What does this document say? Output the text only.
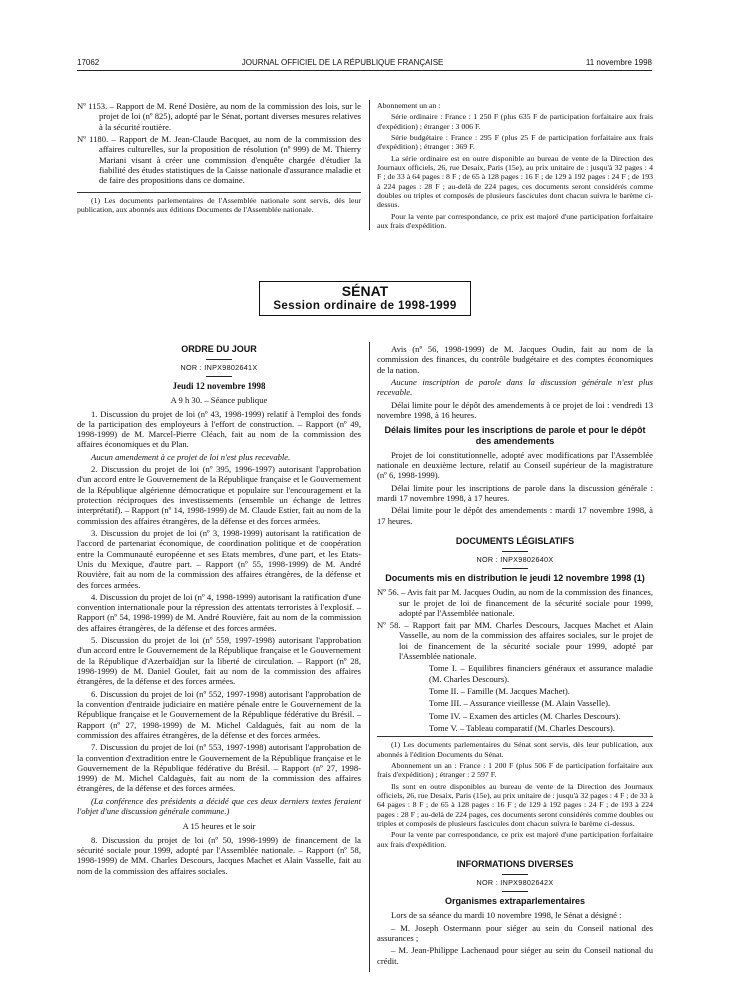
17062	JOURNAL OFFICIEL DE LA RÉPUBLIQUE FRANÇAISE	11 novembre 1998

Nº 1153. – Rapport de M. René Dosière, au nom de la commission des lois, sur le projet de loi (nº 825), adopté par le Sénat, portant diverses mesures relatives à la sécurité routière.

Nº 1180. – Rapport de M. Jean-Claude Bacquet, au nom de la commission des affaires culturelles, sur la proposition de résolution (nº 999) de M. Thierry Mariani visant à créer une commission d'enquête chargée d'étudier la fiabilité des études statistiques de la Caisse nationale d'assurance maladie et de faire des propositions dans ce domaine.

(1) Les documents parlementaires de l'Assemblée nationale sont servis, dès leur publication, aux abonnés aux éditions Documents de l'Assemblée nationale.

Abonnement un an :

Série ordinaire : France : 1 250 F (plus 635 F de participation forfaitaire aux frais d'expédition) ; étranger : 3 006 F.

Série budgétaire : France : 295 F (plus 25 F de participation forfaitaire aux frais d'expédition) ; étranger : 369 F.

La série ordinaire est en outre disponible au bureau de vente de la Direction des Journaux officiels, 26, rue Desaix, Paris (15e), au prix unitaire de : jusqu'à 32 pages : 4 F ; de 33 à 64 pages : 8 F ; de 65 à 128 pages : 16 F ; de 129 à 192 pages : 24 F ; de 193 à 224 pages : 28 F ; au-delà de 224 pages, ces documents seront considérés comme doubles ou triples et composés de plusieurs fascicules dont chacun suivra le barème ci-dessus.

Pour la vente par correspondance, ce prix est majoré d'une participation forfaitaire aux frais d'expédition.

SÉNAT
Session ordinaire de 1998-1999
ORDRE DU JOUR
NOR : INPX9802641X
Jeudi 12 novembre 1998
A 9 h 30. – Séance publique

1. Discussion du projet de loi (nº 43, 1998-1999) relatif à l'emploi des fonds de la participation des employeurs à l'effort de construction. – Rapport (nº 49, 1998-1999) de M. Marcel-Pierre Cléach, fait au nom de la commission des affaires économiques et du Plan.

Aucun amendement à ce projet de loi n'est plus recevable.

2. Discussion du projet de loi (nº 395, 1996-1997) autorisant l'approbation d'un accord entre le Gouvernement de la République française et le Gouvernement de la République algérienne démocratique et populaire sur l'encouragement et la protection réciproques des investissements (ensemble un échange de lettres interprétatif). – Rapport (nº 14, 1998-1999) de M. Claude Estier, fait au nom de la commission des affaires étrangères, de la défense et des forces armées.

3. Discussion du projet de loi (nº 3, 1998-1999) autorisant la ratification de l'accord de partenariat économique, de coordination politique et de coopération entre la Communauté européenne et ses Etats membres, d'une part, et les Etats-Unis du Mexique, d'autre part. – Rapport (nº 55, 1998-1999) de M. André Rouvière, fait au nom de la commission des affaires étrangères, de la défense et des forces armées.

4. Discussion du projet de loi (nº 4, 1998-1999) autorisant la ratification d'une convention internationale pour la répression des attentats terroristes à l'explosif. – Rapport (nº 54, 1998-1999) de M. André Rouvière, fait au nom de la commission des affaires étrangères, de la défense et des forces armées.

5. Discussion du projet de loi (nº 559, 1997-1998) autorisant l'approbation d'un accord entre le Gouvernement de la République française et le Gouvernement de la République d'Azerbaïdjan sur la liberté de circulation. – Rapport (nº 28, 1998-1999) de M. Daniel Goulet, fait au nom de la commission des affaires étrangères, de la défense et des forces armées.

6. Discussion du projet de loi (nº 552, 1997-1998) autorisant l'approbation de la convention d'entraide judiciaire en matière pénale entre le Gouvernement de la République française et le Gouvernement de la République fédérative du Brésil. – Rapport (nº 27, 1998-1999) de M. Michel Caldaguès, fait au nom de la commission des affaires étrangères, de la défense et des forces armées.

7. Discussion du projet de loi (nº 553, 1997-1998) autorisant l'approbation de la convention d'extradition entre le Gouvernement de la République française et le Gouvernement de la République fédérative du Brésil. – Rapport (nº 27, 1998-1999) de M. Michel Caldaguès, fait au nom de la commission des affaires étrangères, de la défense et des forces armées.

(La conférence des présidents a décidé que ces deux derniers textes feraient l'objet d'une discussion générale commune.)

A 15 heures et le soir

8. Discussion du projet de loi (nº 50, 1998-1999) de financement de la sécurité sociale pour 1999, adopté par l'Assemblée nationale. – Rapport (nº 58, 1998-1999) de MM. Charles Descours, Jacques Machet et Alain Vasselle, fait au nom de la commission des affaires sociales.

Avis (nº 56, 1998-1999) de M. Jacques Oudin, fait au nom de la commission des finances, du contrôle budgétaire et des comptes économiques de la nation.

Aucune inscription de parole dans la discussion générale n'est plus recevable.

Délai limite pour le dépôt des amendements à ce projet de loi : vendredi 13 novembre 1998, à 16 heures.

Délais limites pour les inscriptions de parole et pour le dépôt des amendements

Projet de loi constitutionnelle, adopté avec modifications par l'Assemblée nationale en deuxième lecture, relatif au Conseil supérieur de la magistrature (nº 6, 1998-1999).

Délai limite pour les inscriptions de parole dans la discussion générale : mardi 17 novembre 1998, à 17 heures.

Délai limite pour le dépôt des amendements : mardi 17 novembre 1998, à 17 heures.

DOCUMENTS LÉGISLATIFS
NOR : INPX9802640X
Documents mis en distribution le jeudi 12 novembre 1998 (1)

Nº 56. – Avis fait par M. Jacques Oudin, au nom de la commission des finances, sur le projet de loi de financement de la sécurité sociale pour 1999, adopté par l'Assemblée nationale.

Nº 58. – Rapport fait par MM. Charles Descours, Jacques Machet et Alain Vasselle, au nom de la commission des affaires sociales, sur le projet de loi de financement de la sécurité sociale pour 1999, adopté par l'Assemblée nationale.

Tome I. – Equilibres financiers généraux et assurance maladie (M. Charles Descours).

Tome II. – Famille (M. Jacques Machet).

Tome III. – Assurance vieillesse (M. Alain Vasselle).

Tome IV. – Examen des articles (M. Charles Descours).

Tome V. – Tableau comparatif (M. Charles Descours).

(1) Les documents parlementaires du Sénat sont servis, dès leur publication, aux abonnés à l'édition Documents du Sénat.

Abonnement un an : France : 1 200 F (plus 506 F de participation forfaitaire aux frais d'expédition) ; étranger : 2 597 F.

Ils sont en outre disponibles au bureau de vente de la Direction des Journaux officiels, 26, rue Desaix, Paris (15e), au prix unitaire de : jusqu'à 32 pages : 4 F ; de 33 à 64 pages : 8 F ; de 65 à 128 pages : 16 F ; de 129 à 192 pages : 24 F ; de 193 à 224 pages : 28 F ; au-delà de 224 pages, ces documents seront considérés comme doubles ou triples et composés de plusieurs fascicules dont chacun suivra le barème ci-dessus.

Pour la vente par correspondance, ce prix est majoré d'une participation forfaitaire aux frais d'expédition.

INFORMATIONS DIVERSES
NOR : INPX9802642X
Organismes extraparlementaires

Lors de sa séance du mardi 10 novembre 1998, le Sénat a désigné :

– M. Joseph Ostermann pour siéger au sein du Conseil national des assurances ;

– M. Jean-Philippe Lachenaud pour siéger au sein du Conseil national du crédit.
